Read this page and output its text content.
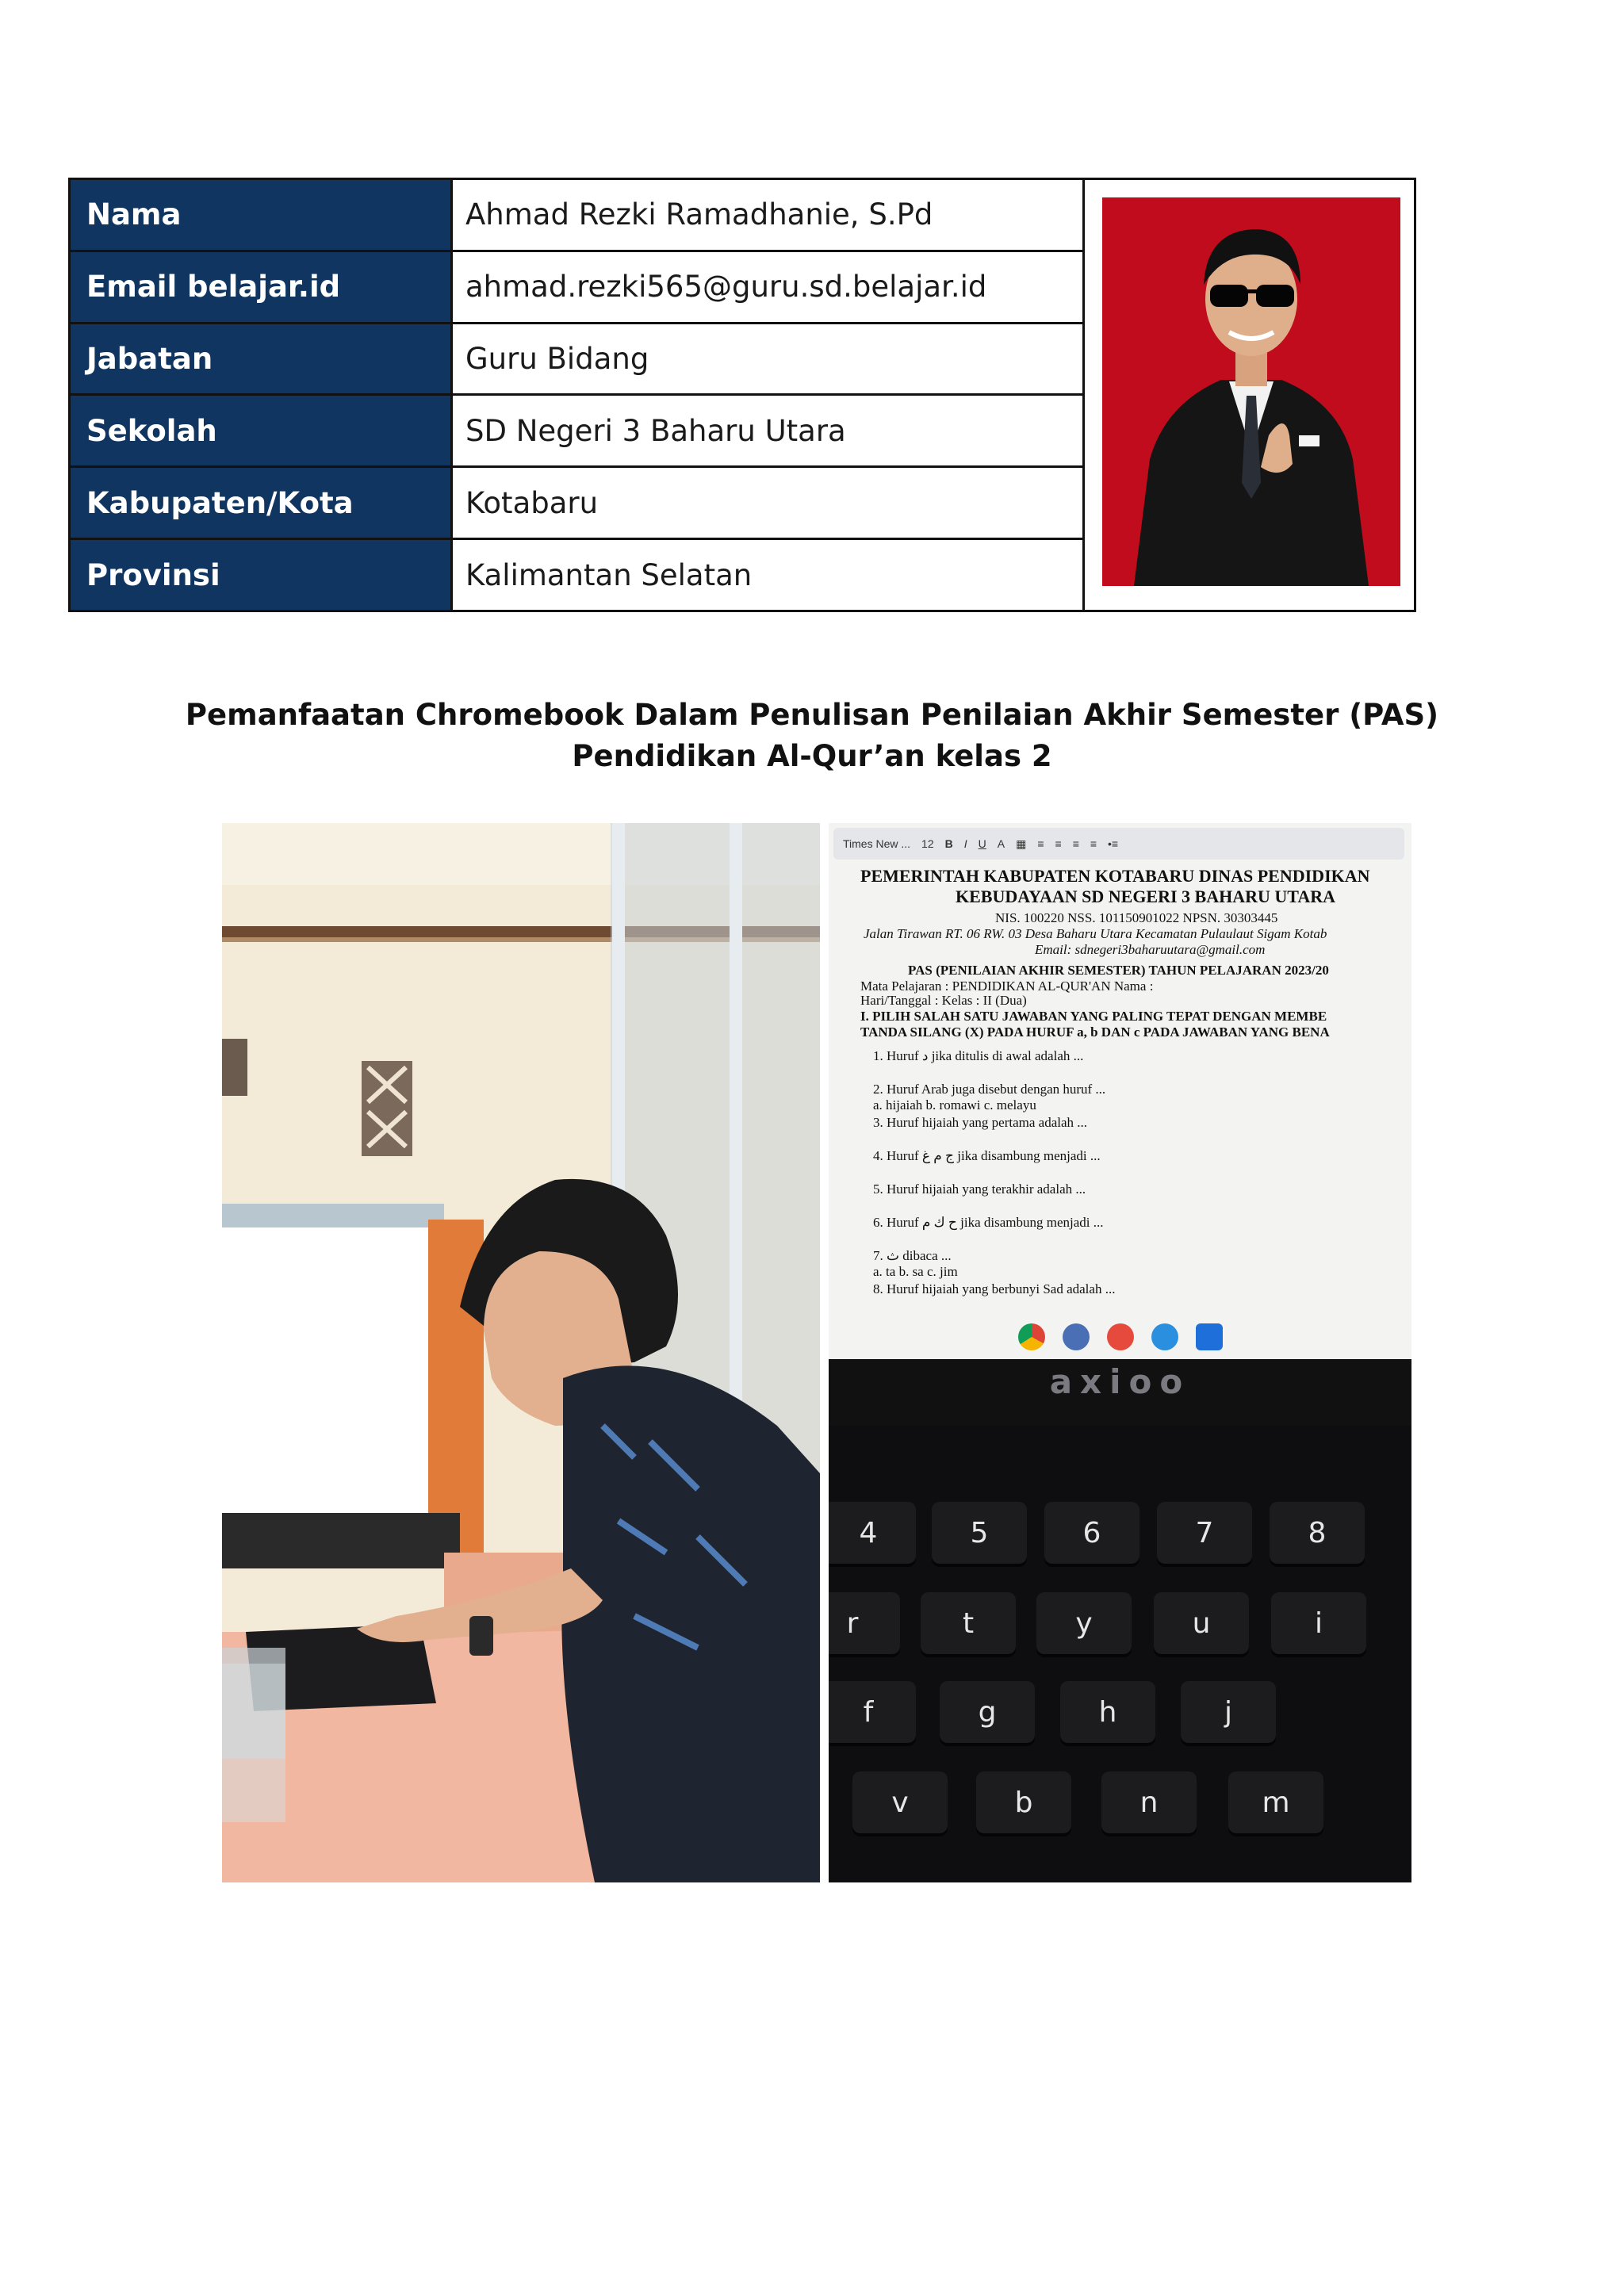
Nama	Ahmad Rezki Ramadhanie, S.Pd
Email belajar.id	ahmad.rezki565@guru.sd.belajar.id
Jabatan	Guru Bidang
Sekolah	SD Negeri 3 Baharu Utara
Kabupaten/Kota	Kotabaru
Provinsi	Kalimantan Selatan
Pemanfaatan Chromebook Dalam Penulisan Penilaian Akhir Semester (PAS)
Pendidikan Al-Qur’an kelas 2
Times New ... 12 B I U A ▦ ≡ ≡ ≡ ≡ •≡
PEMERINTAH KABUPATEN KOTABARU DINAS PENDIDIKAN
KEBUDAYAAN SD NEGERI 3 BAHARU UTARA
NIS. 100220 NSS. 101150901022 NPSN. 30303445
Jalan Tirawan RT. 06 RW. 03 Desa Baharu Utara Kecamatan Pulaulaut Sigam Kotab
Email: sdnegeri3baharuutara@gmail.com
PAS (PENILAIAN AKHIR SEMESTER) TAHUN PELAJARAN 2023/20
Mata Pelajaran : PENDIDIKAN AL-QUR'AN Nama :
Hari/Tanggal : Kelas : II (Dua)
I. PILIH SALAH SATU JAWABAN YANG PALING TEPAT DENGAN MEMBE
TANDA SILANG (X) PADA HURUF a, b DAN c PADA JAWABAN YANG BENA
1. Huruf د jika ditulis di awal adalah ...
2. Huruf Arab juga disebut dengan huruf ...
a. hijaiah b. romawi c. melayu
3. Huruf hijaiah yang pertama adalah ...
4. Huruf ج م غ jika disambung menjadi ...
5. Huruf hijaiah yang terakhir adalah ...
6. Huruf ح ك م jika disambung menjadi ...
7. ث dibaca ...
a. ta b. sa c. jim
8. Huruf hijaiah yang berbunyi Sad adalah ...
axioo
4	5	6	7	8
r	t	y	u	i
f	g	h	j
v	b	n	m
